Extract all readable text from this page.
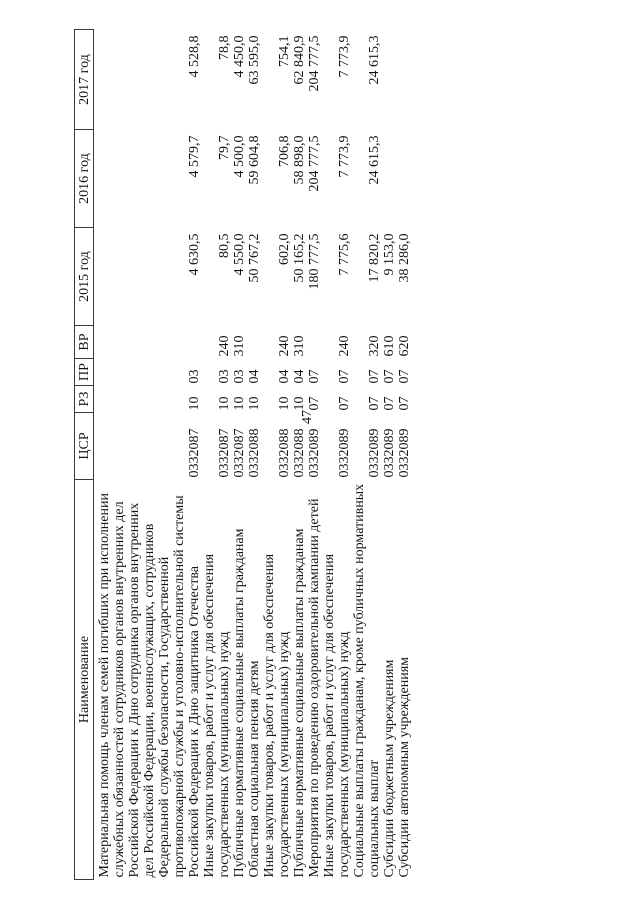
47
Наименование	ЦСР	РЗ	ПР	ВР	2015 год	2016 год	2017 год
Материальная помощь членам семей погибших при исполнении служебных обязанностей сотрудников органов внутренних дел Российской Федерации к Дню сотрудника органов внутренних дел Российской Федерации, военнослужащих, сотрудников Федеральной службы безопасности, Государственной противопожарной службы и уголовно-исполнительной системы Российской Федерации к Дню защитника Отечества	0332087	10	03		4 630,5	4 579,7	4 528,8
Иные закупки товаров, работ и услуг для обеспечения государственных (муниципальных) нужд	0332087	10	03	240	80,5	79,7	78,8
Публичные нормативные социальные выплаты гражданам	0332087	10	03	310	4 550,0	4 500,0	4 450,0
Областная социальная пенсия детям	0332088	10	04		50 767,2	59 604,8	63 595,0
Иные закупки товаров, работ и услуг для обеспечения государственных (муниципальных) нужд	0332088	10	04	240	602,0	706,8	754,1
Публичные нормативные социальные выплаты гражданам	0332088	10	04	310	50 165,2	58 898,0	62 840,9
Мероприятия по проведению оздоровительной кампании детей	0332089	07	07		180 777,5	204 777,5	204 777,5
Иные закупки товаров, работ и услуг для обеспечения государственных (муниципальных) нужд	0332089	07	07	240	7 775,6	7 773,9	7 773,9
Социальные выплаты гражданам, кроме публичных нормативных социальных выплат	0332089	07	07	320	17 820,2	24 615,3	24 615,3
Субсидии бюджетным учреждениям	0332089	07	07	610	9 153,0		
Субсидии автономным учреждениям	0332089	07	07	620	38 286,0		
